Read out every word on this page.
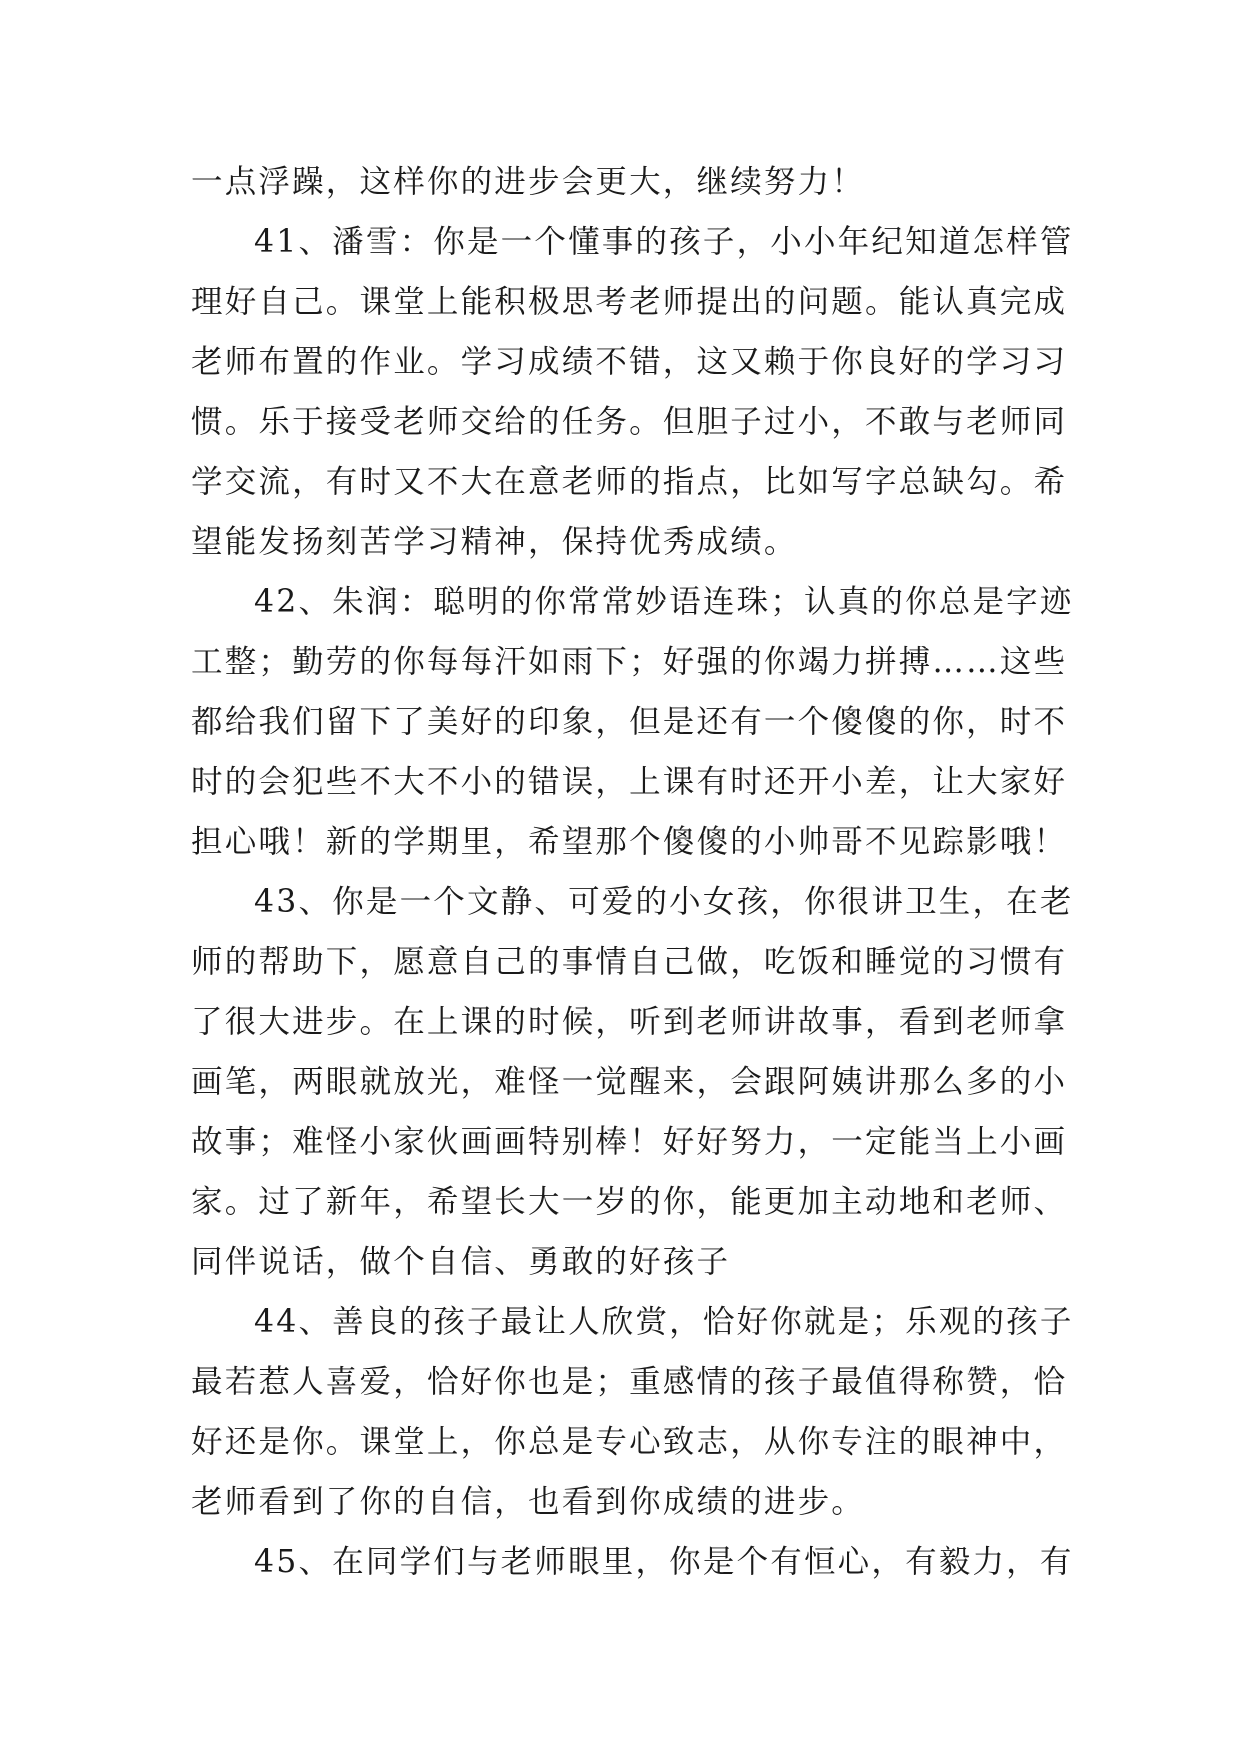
一点浮躁，这样你的进步会更大，继续努力！
41、潘雪：你是一个懂事的孩子，小小年纪知道怎样管
理好自己。课堂上能积极思考老师提出的问题。能认真完成
老师布置的作业。学习成绩不错，这又赖于你良好的学习习
惯。乐于接受老师交给的任务。但胆子过小，不敢与老师同
学交流，有时又不大在意老师的指点，比如写字总缺勾。希
望能发扬刻苦学习精神，保持优秀成绩。
42、朱润：聪明的你常常妙语连珠；认真的你总是字迹
工整；勤劳的你每每汗如雨下；好强的你竭力拼搏……这些
都给我们留下了美好的印象，但是还有一个傻傻的你，时不
时的会犯些不大不小的错误，上课有时还开小差，让大家好
担心哦！新的学期里，希望那个傻傻的小帅哥不见踪影哦！
43、你是一个文静、可爱的小女孩，你很讲卫生，在老
师的帮助下，愿意自己的事情自己做，吃饭和睡觉的习惯有
了很大进步。在上课的时候，听到老师讲故事，看到老师拿
画笔，两眼就放光，难怪一觉醒来，会跟阿姨讲那么多的小
故事；难怪小家伙画画特别棒！好好努力，一定能当上小画
家。过了新年，希望长大一岁的你，能更加主动地和老师、
同伴说话，做个自信、勇敢的好孩子
44、善良的孩子最让人欣赏，恰好你就是；乐观的孩子
最若惹人喜爱，恰好你也是；重感情的孩子最值得称赞，恰
好还是你。课堂上，你总是专心致志，从你专注的眼神中，
老师看到了你的自信，也看到你成绩的进步。
45、在同学们与老师眼里，你是个有恒心，有毅力，有
